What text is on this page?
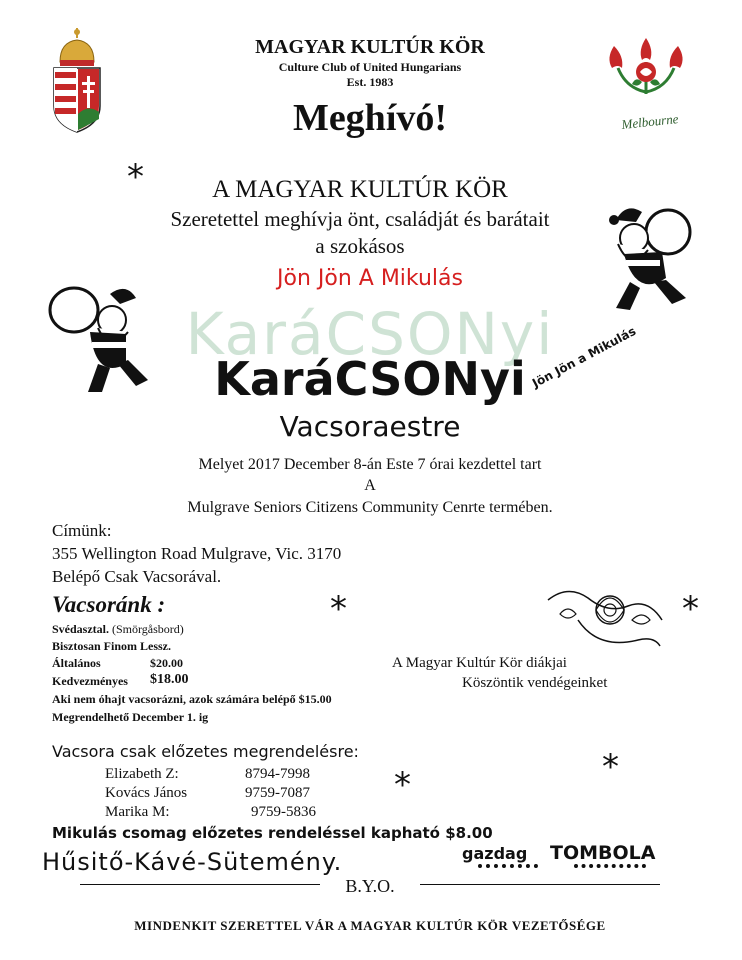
Melbourne
MAGYAR KULTÚR KÖR
Culture Club of United Hungarians
Est. 1983
Meghívó!
A MAGYAR KULTÚR KÖR
Szeretettel meghívja önt, családját és barátait
a szokásos
Jön Jön A Mikulás
KaráCSONyi
KaráCSONyi
Vacsoraestre
Jön Jön a Mikulás
Melyet 2017 December 8-án Este 7 órai kezdettel tart
A
Mulgrave Seniors Citizens Community Cenrte termében.
Címünk:
355 Wellington Road Mulgrave, Vic. 3170
Belépő Csak Vacsorával.
Vacsoránk :
Svédasztal. (Smörgåsbord)
Bisztosan Finom Lessz.
Általános	$20.00
Kedvezményes $18.00
Aki nem óhajt vacsorázni, azok számára belépő $15.00
Megrendelhető December 1. ig
A Magyar Kultúr Kör diákjai
Köszöntik vendégeinket
Vacsora csak előzetes megrendelésre:
Elizabeth Z:	8794-7998
Kovács János	9759-7087
Marika M:	9759-5836
Mikulás csomag előzetes rendeléssel kapható $8.00
Hűsitő-Kávé-Sütemény.	gazdag TOMBOLA
B.Y.O.
MINDENKIT SZERETTEL VÁR A MAGYAR KULTÚR KÖR VEZETŐSÉGE
*
*	*
*
*
